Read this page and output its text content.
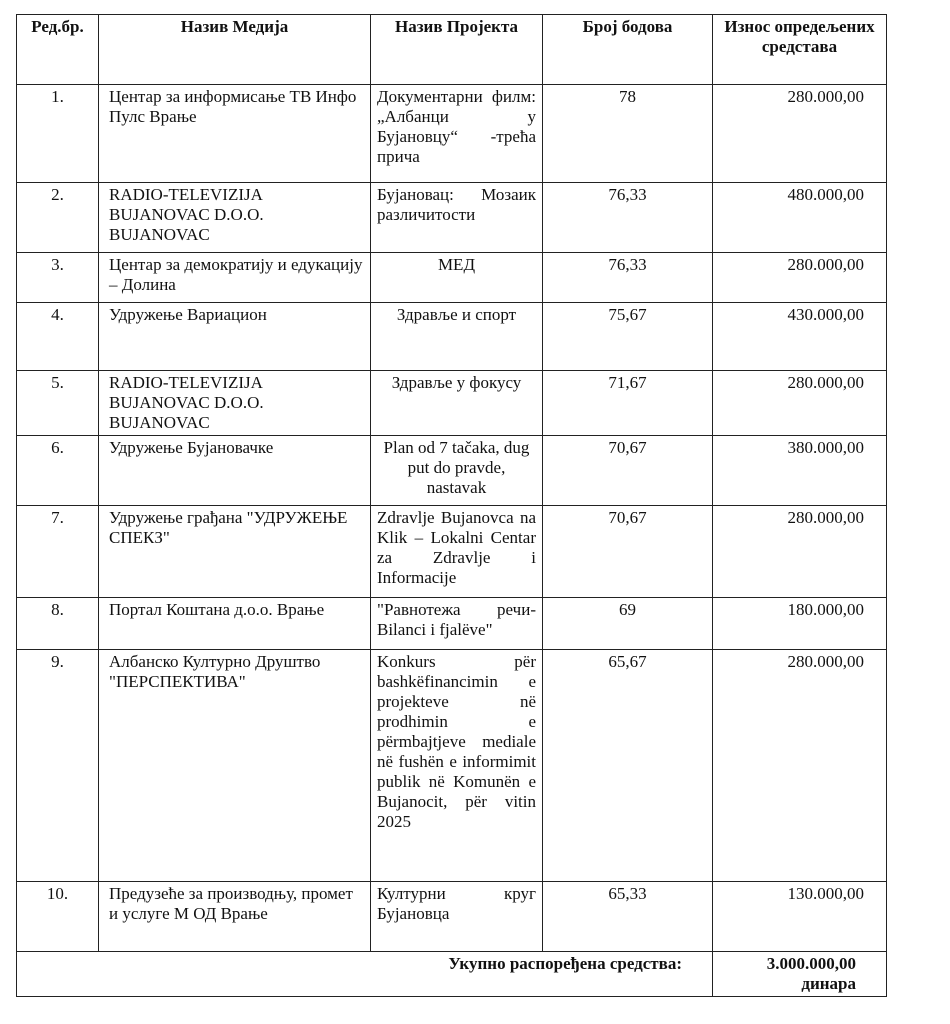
Ред.бр.	Назив Медија	Назив Пројекта	Број бодова	Износ опредељених средстава
1.	Центар за информисање ТВ Инфо Пулс Врање	Документарни филм: „Албанци у Бујановцу“ -трећа прича	78	280.000,00
2.	RADIO-TELEVIZIJA BUJANOVAC D.O.O. BUJANOVAC	Бујановац: Мозаик различитости	76,33	480.000,00
3.	Центар за демократију и едукацију – Долина	МЕД	76,33	280.000,00
4.	Удружење Вариацион	Здравље и спорт	75,67	430.000,00
5.	RADIO-TELEVIZIJA BUJANOVAC D.O.O. BUJANOVAC	Здравље у фокусу	71,67	280.000,00
6.	Удружење Бујановачке	Plan od 7 tačaka, dug put do pravde, nastavak	70,67	380.000,00
7.	Удружење грађана "УДРУЖЕЊЕ СПЕКЗ"	Zdravlje Bujanovca na Klik – Lokalni Centar za Zdravlje i Informacije	70,67	280.000,00
8.	Портал Коштана д.о.о. Врање	"Равнотежа речи- Bilanci i fjalëve"	69	180.000,00
9.	Албанско Културно Друштво "ПЕРСПЕКТИВА"	Konkurs për bashkëfinancimin e projekteve në prodhimin e përmbajtjeve mediale në fushën e informimit publik në Komunën e Bujanocit, për vitin 2025	65,67	280.000,00
10.	Предузеће за производњу, промет и услуге М ОД Врање	Културни круг Бујановца	65,33	130.000,00
Укупно распоређена средства:				3.000.000,00 динара
